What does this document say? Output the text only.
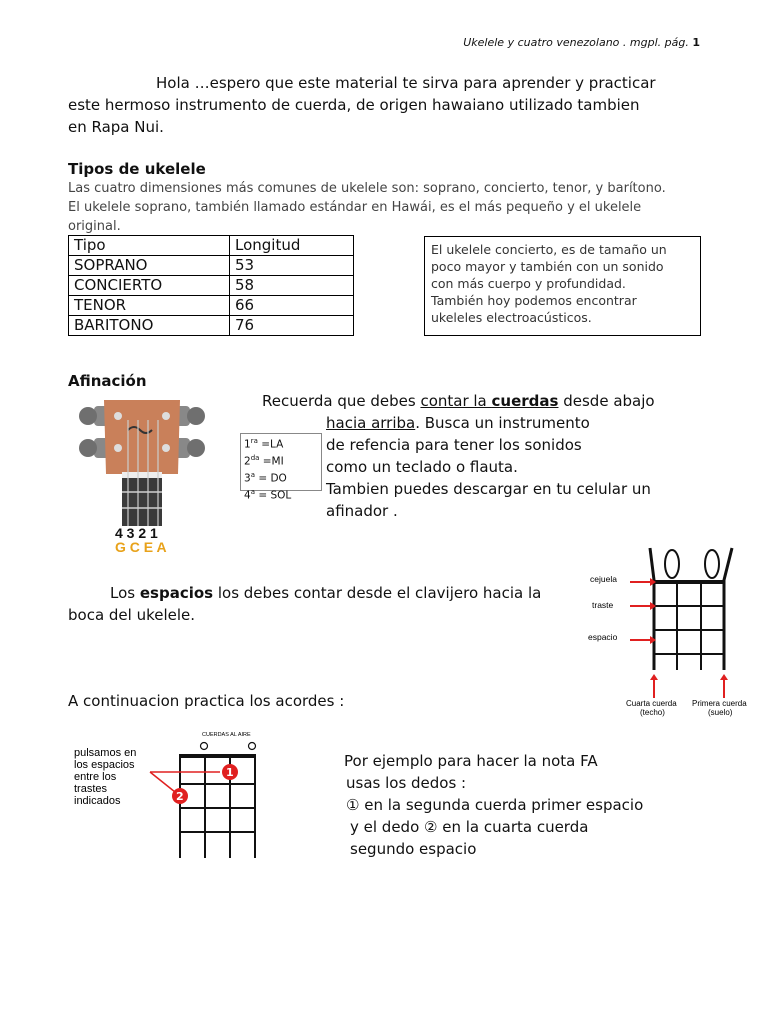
Ukelele y cuatro venezolano . mgpl. pág. 1
Hola …espero que este material te sirva para aprender y practicar
este hermoso instrumento de cuerda, de origen hawaiano utilizado tambien
en Rapa Nui.
Tipos de ukelele
Las cuatro dimensiones más comunes de ukelele son: soprano, concierto, tenor, y barítono.
El ukelele soprano, también llamado estándar en Hawái, es el más pequeño y el ukelele
original.
Tipo	Longitud
SOPRANO	53
CONCIERTO	58
TENOR	66
BARITONO	76
El ukelele concierto, es de tamaño un
poco mayor y también con un sonido
con más cuerpo y profundidad.
También hoy podemos encontrar
ukeleles electroacústicos.
Afinación
4 3 2 1
G C E A
$1^{ra} =LA$
$2^{da} =MI$
$3^a$ = DO
$4^a$ = SOL
Recuerda que debes contar la cuerdas desde abajo
hacia arriba. Busca un instrumento
de refencia para tener los sonidos
como un teclado o flauta.
Tambien puedes descargar en tu celular un
afinador .
Los espacios los debes contar desde el clavijero hacia la
boca del ukelele.
cejuela
traste
espacio
Cuarta cuerda
(techo)
Primera cuerda
(suelo)
A continuacion practica los acordes :
CUERDAS AL AIRE
1
2
pulsamos en
los espacios
entre los
trastes
indicados
Por ejemplo para hacer la nota FA
usas los dedos :
① en la segunda cuerda primer espacio
y el dedo ② en la cuarta cuerda
segundo espacio
